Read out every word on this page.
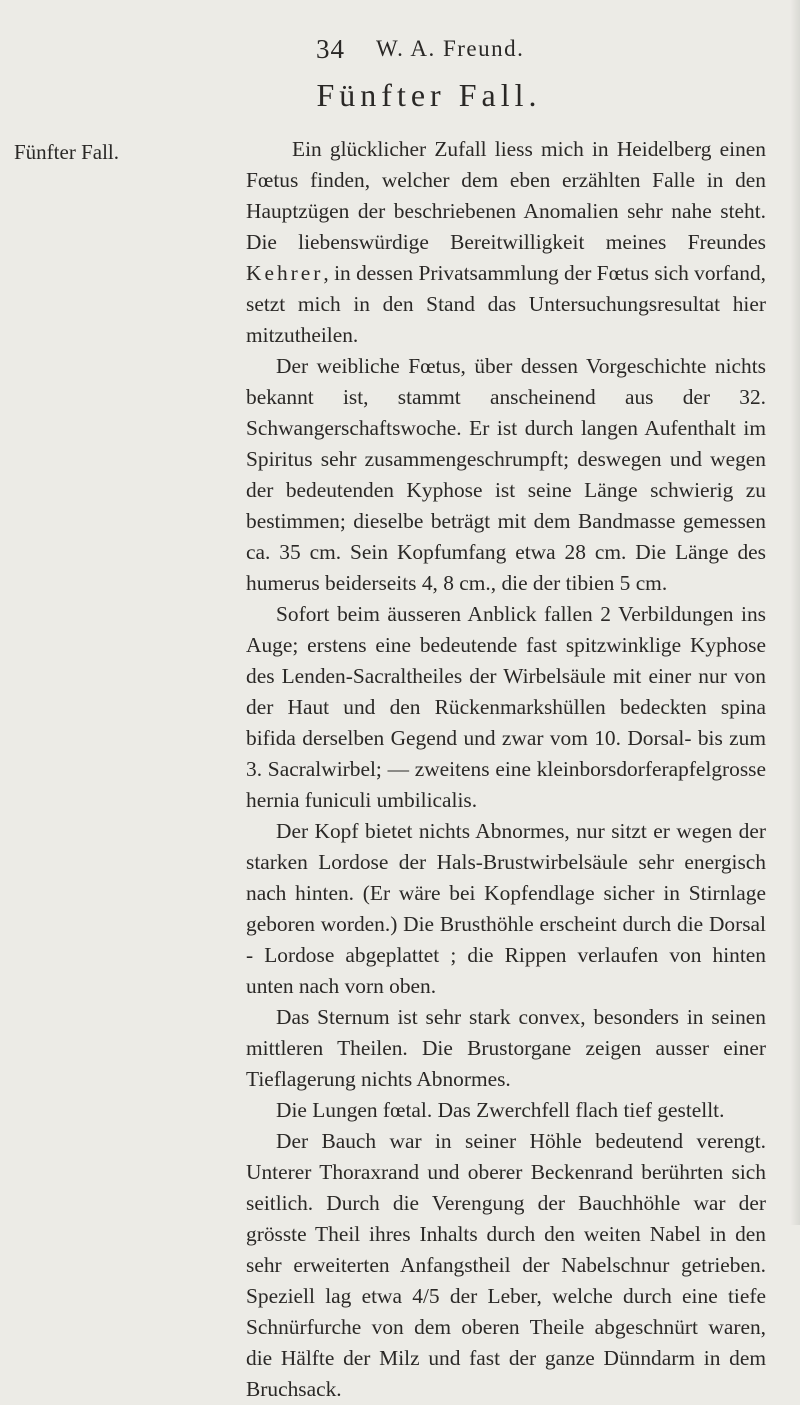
34 W. A. Freund.
Fünfter Fall.
Fünfter Fall.	Ein glücklicher Zufall liess mich in Heidelberg einen Fœtus finden, welcher dem eben erzählten Falle in den Hauptzügen der beschriebenen Anomalien sehr nahe steht. Die liebenswürdige Bereitwilligkeit meines Freundes Kehrer, in dessen Privatsammlung der Fœtus sich vorfand, setzt mich in den Stand das Untersuchungsresultat hier mitzutheilen.

Der weibliche Fœtus, über dessen Vorgeschichte nichts bekannt ist, stammt anscheinend aus der 32. Schwangerschaftswoche. Er ist durch langen Aufenthalt im Spiritus sehr zusammengeschrumpft; deswegen und wegen der bedeutenden Kyphose ist seine Länge schwierig zu bestimmen; dieselbe beträgt mit dem Bandmasse gemessen ca. 35 cm. Sein Kopfumfang etwa 28 cm. Die Länge des humerus beiderseits 4, 8 cm., die der tibien 5 cm.

Sofort beim äusseren Anblick fallen 2 Verbildungen ins Auge; erstens eine bedeutende fast spitzwinklige Kyphose des Lenden-Sacraltheiles der Wirbelsäule mit einer nur von der Haut und den Rückenmarkshüllen bedeckten spina bifida derselben Gegend und zwar vom 10. Dorsal- bis zum 3. Sacralwirbel; — zweitens eine kleinborsdorferapfelgrosse hernia funiculi umbilicalis.

Der Kopf bietet nichts Abnormes, nur sitzt er wegen der starken Lordose der Hals-Brustwirbelsäule sehr energisch nach hinten. (Er wäre bei Kopfendlage sicher in Stirnlage geboren worden.) Die Brusthöhle erscheint durch die Dorsal - Lordose abgeplattet ; die Rippen verlaufen von hinten unten nach vorn oben.

Das Sternum ist sehr stark convex, besonders in seinen mittleren Theilen. Die Brustorgane zeigen ausser einer Tieflagerung nichts Abnormes.

Die Lungen fœtal. Das Zwerchfell flach tief gestellt.

Der Bauch war in seiner Höhle bedeutend verengt. Unterer Thoraxrand und oberer Beckenrand berührten sich seitlich. Durch die Verengung der Bauchhöhle war der grösste Theil ihres Inhalts durch den weiten Nabel in den sehr erweiterten Anfangstheil der Nabelschnur getrieben. Speziell lag etwa 4/5 der Leber, welche durch eine tiefe Schnürfurche von dem oberen Theile abgeschnürt waren, die Hälfte der Milz und fast der ganze Dünndarm in dem Bruchsack.
